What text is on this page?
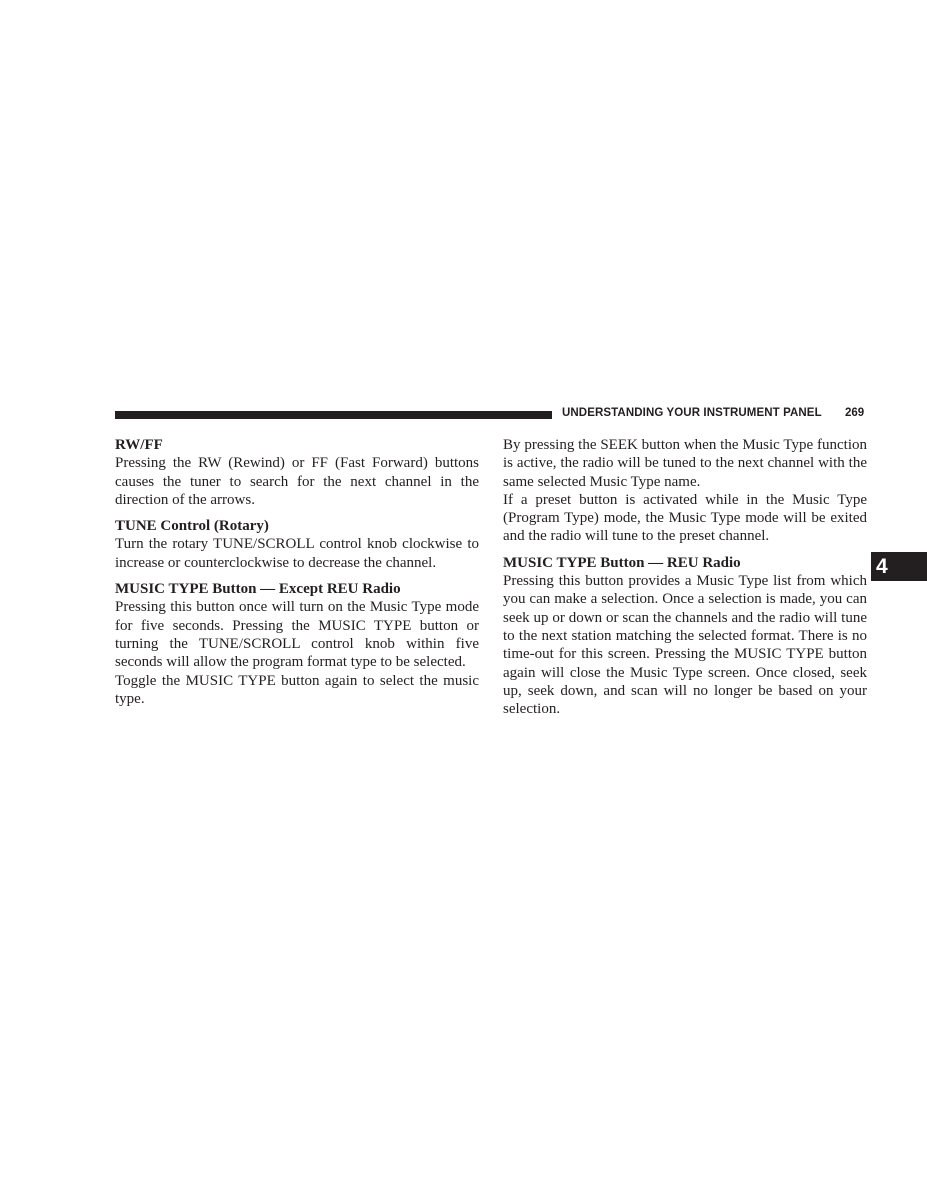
UNDERSTANDING YOUR INSTRUMENT PANEL 269
4
RW/FF

Pressing the RW (Rewind) or FF (Fast Forward) buttons causes the tuner to search for the next channel in the direction of the arrows.

TUNE Control (Rotary)

Turn the rotary TUNE/SCROLL control knob clockwise to increase or counterclockwise to decrease the channel.

MUSIC TYPE Button — Except REU Radio

Pressing this button once will turn on the Music Type mode for five seconds. Pressing the MUSIC TYPE button or turning the TUNE/SCROLL control knob within five seconds will allow the program format type to be selected.

Toggle the MUSIC TYPE button again to select the music type.

By pressing the SEEK button when the Music Type function is active, the radio will be tuned to the next channel with the same selected Music Type name.

If a preset button is activated while in the Music Type (Program Type) mode, the Music Type mode will be exited and the radio will tune to the preset channel.

MUSIC TYPE Button — REU Radio

Pressing this button provides a Music Type list from which you can make a selection. Once a selection is made, you can seek up or down or scan the channels and the radio will tune to the next station matching the selected format. There is no time-out for this screen. Pressing the MUSIC TYPE button again will close the Music Type screen. Once closed, seek up, seek down, and scan will no longer be based on your selection.
